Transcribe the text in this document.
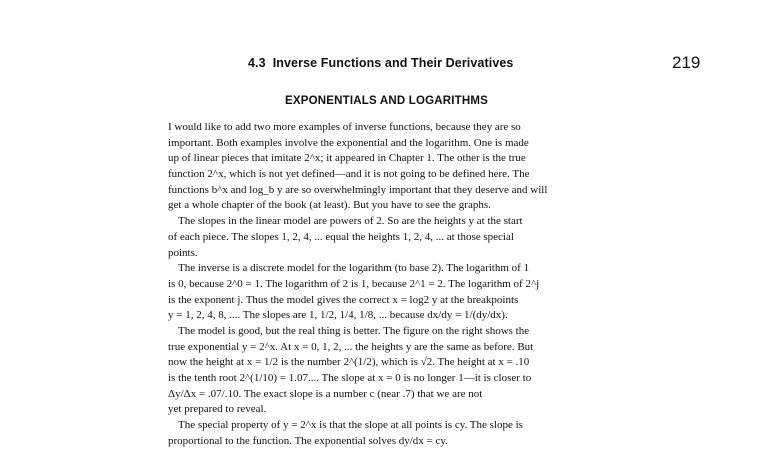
4.3 Inverse Functions and Their Derivatives	219
EXPONENTIALS AND LOGARITHMS
I would like to add two more examples of inverse functions, because they are so
important. Both examples involve the exponential and the logarithm. One is made
up of linear pieces that imitate 2^x; it appeared in Chapter 1. The other is the true
function 2^x, which is not yet defined—and it is not going to be defined here. The
functions b^x and log_b y are so overwhelmingly important that they deserve and will
get a whole chapter of the book (at least). But you have to see the graphs.
The slopes in the linear model are powers of 2. So are the heights y at the start
of each piece. The slopes 1, 2, 4, ... equal the heights 1, 2, 4, ... at those special
points.
The inverse is a discrete model for the logarithm (to base 2). The logarithm of 1
is 0, because 2^0 = 1. The logarithm of 2 is 1, because 2^1 = 2. The logarithm of 2^j
is the exponent j. Thus the model gives the correct x = log2 y at the breakpoints
y = 1, 2, 4, 8, .... The slopes are 1, 1/2, 1/4, 1/8, ... because dx/dy = 1/(dy/dx).
The model is good, but the real thing is better. The figure on the right shows the
true exponential y = 2^x. At x = 0, 1, 2, ... the heights y are the same as before. But
now the height at x = 1/2 is the number 2^(1/2), which is √2. The height at x = .10
is the tenth root 2^(1/10) = 1.07.... The slope at x = 0 is no longer 1—it is closer to
Δy/Δx = .07/.10. The exact slope is a number c (near .7) that we are not
yet prepared to reveal.
The special property of y = 2^x is that the slope at all points is cy. The slope is
proportional to the function. The exponential solves dy/dx = cy.
